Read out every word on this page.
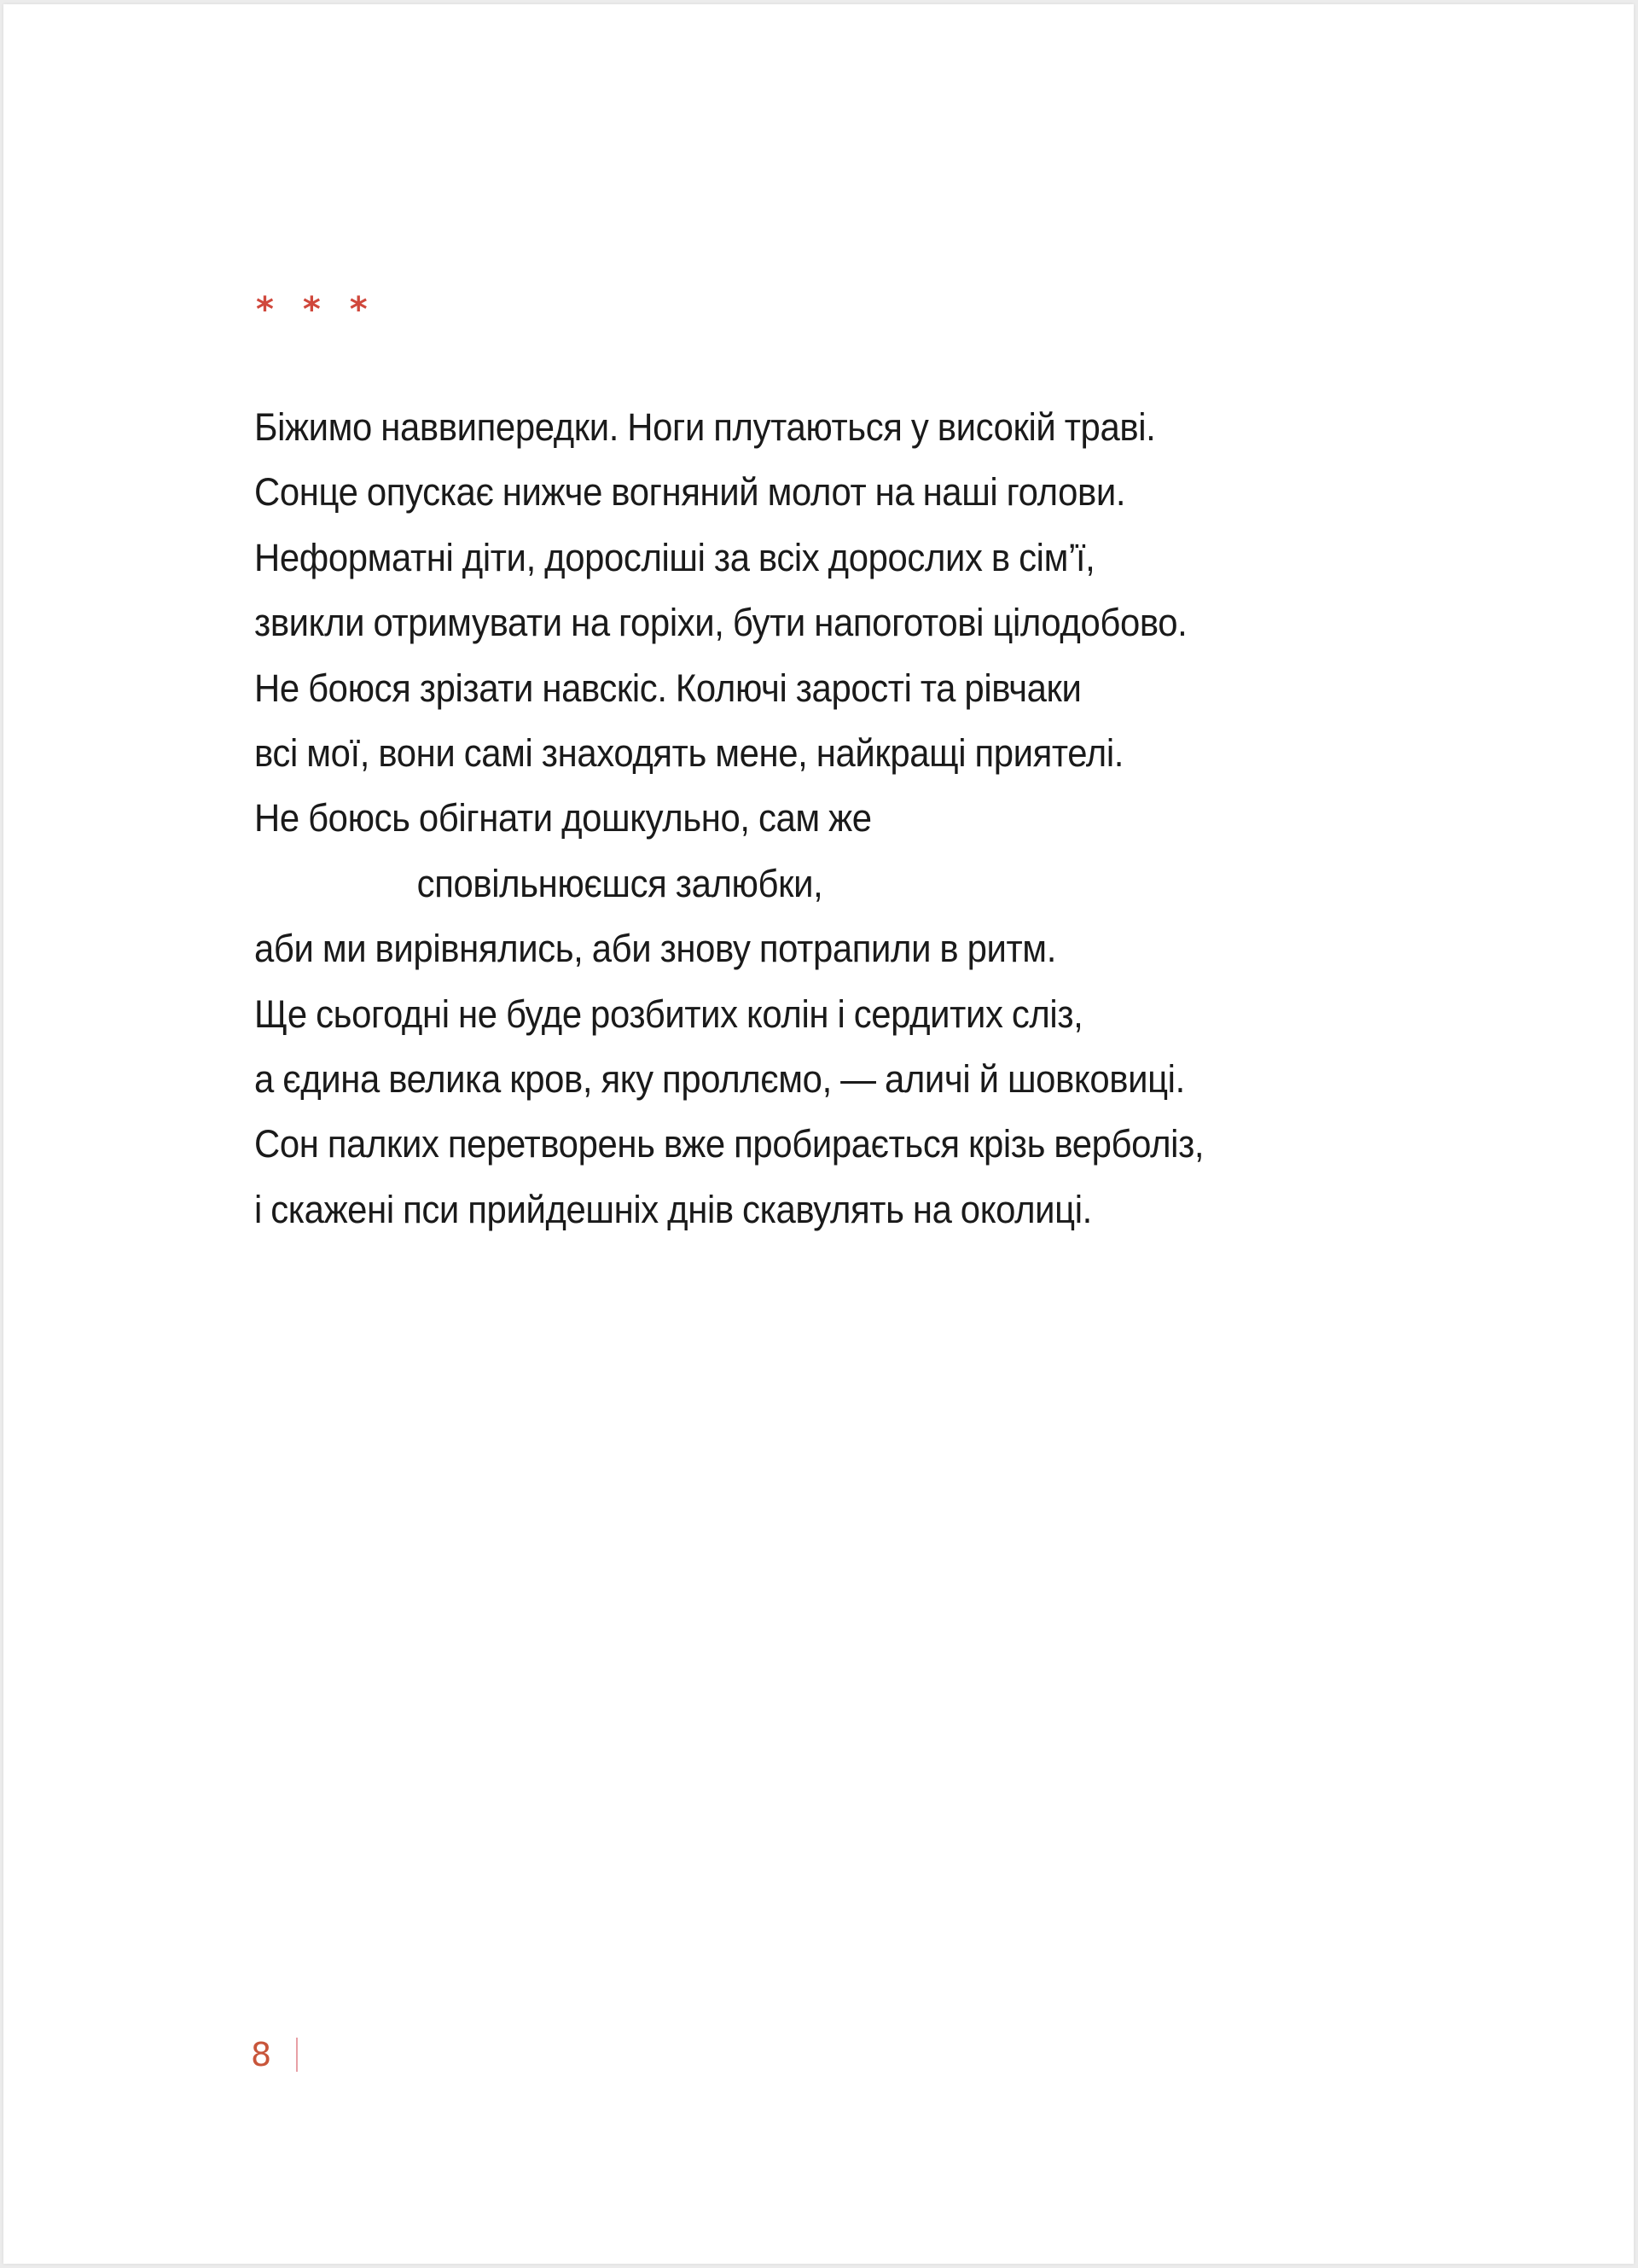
* * *
Біжимо наввипередки. Ноги плутаються у високій траві.
Сонце опускає нижче вогняний молот на наші голови.
Неформатні діти, дорослiші за всіх дорослих в сім’ї,
звикли отримувати на горіхи, бути напоготові цілодобово.
Не боюся зрізати навскіс. Колючі зарості та рівчаки
всі мої, вони самі знаходять мене, найкращі приятелі.
Не боюсь обігнати дошкульно, сам же
сповільнюєшся залюбки,
аби ми вирівнялись, аби знову потрапили в ритм.
Ще сьогодні не буде розбитих колін і сердитих сліз,
а єдина велика кров, яку проллємо, — аличі й шовковиці.
Сон палких перетворень вже пробирається крізь верболіз,
і скажені пси прийдешніх днів скавулять на околиці.
8
